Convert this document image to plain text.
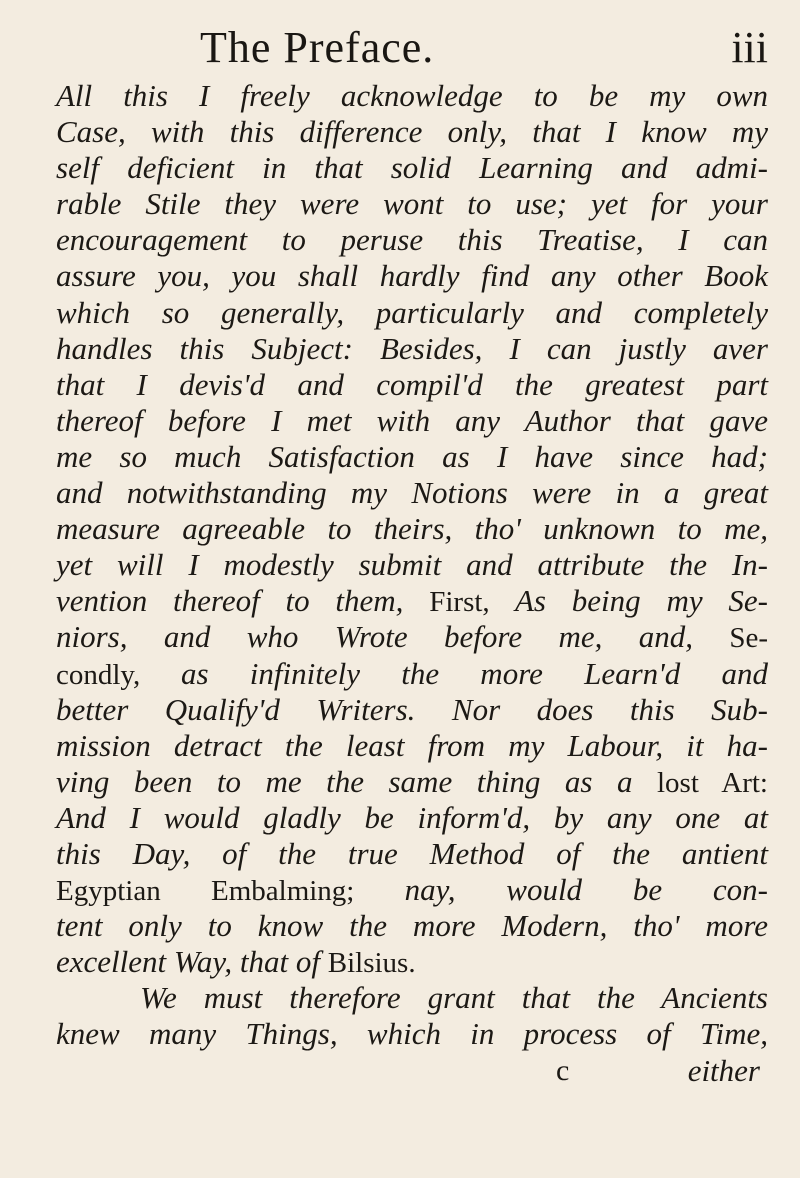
The Preface.	iii
All this I freely acknowledge to be my own
Case, with this difference only, that I know my
self deficient in that solid Learning and admi-
rable Stile they were wont to use; yet for your
encouragement to peruse this Treatise, I can
assure you, you shall hardly find any other Book
which so generally, particularly and completely
handles this Subject: Besides, I can justly aver
that I devis'd and compil'd the greatest part
thereof before I met with any Author that gave
me so much Satisfaction as I have since had;
and notwithstanding my Notions were in a great
measure agreeable to theirs, tho' unknown to me,
yet will I modestly submit and attribute the In-
vention thereof to them, First, As being my Se-
niors, and who Wrote before me, and, Se-
condly, as infinitely the more Learn'd and
better Qualify'd Writers. Nor does this Sub-
mission detract the least from my Labour, it ha-
ving been to me the same thing as a lost Art:
And I would gladly be inform'd, by any one at
this Day, of the true Method of the antient
Egyptian Embalming; nay, would be con-
tent only to know the more Modern, tho' more
excellent Way, that of Bilsius.
We must therefore grant that the Ancients
knew many Things, which in process of Time,
c	either
